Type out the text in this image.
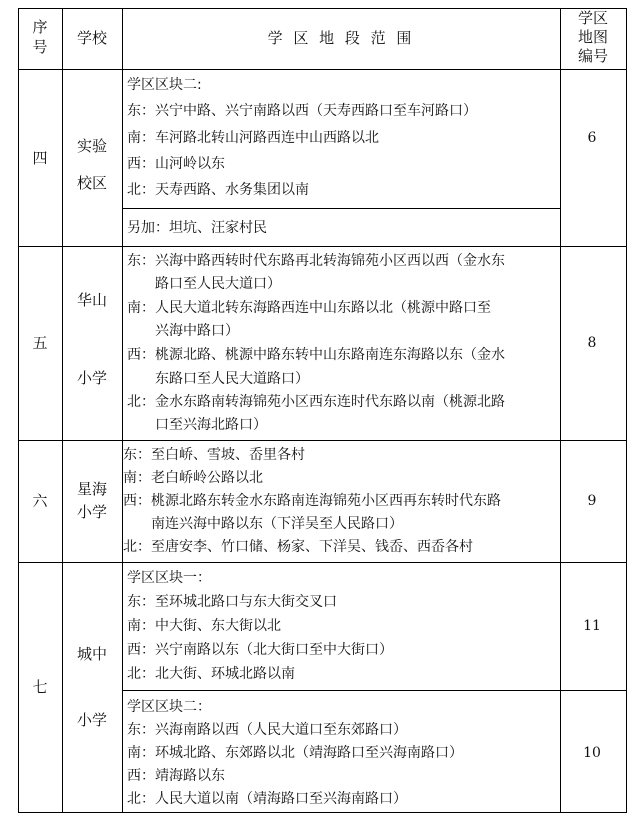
序
号	学校	学 区 地 段 范 围
学区
地图
编号
四
实验
校区
学区区块二:
东：兴宁中路、兴宁南路以西（天寿西路口至车河路口）
南：车河路北转山河路西连中山西路以北
西：山河岭以东
北：天寿西路、水务集团以南
6
另加：坦坑、汪家村民
五
华山
小学
东：兴海中路西转时代东路再北转海锦苑小区西以西（金水东
路口至人民大道口）
南：人民大道北转东海路西连中山东路以北（桃源中路口至
兴海中路口）
西：桃源北路、桃源中路东转中山东路南连东海路以东（金水
东路口至人民大道路口）
北：金水东路南转海锦苑小区西东连时代东路以南（桃源北路
口至兴海北路口）
8
六
星海
小学
东：至白峤、雪坡、岙里各村
南：老白峤岭公路以北
西：桃源北路东转金水东路南连海锦苑小区西再东转时代东路
南连兴海中路以东（下洋吴至人民路口）
北：至唐安李、竹口储、杨家、下洋吴、钱岙、西岙各村
9
七
城中
小学
学区区块一：
东：至环城北路口与东大街交叉口
南：中大街、东大街以北
西：兴宁南路以东（北大街口至中大街口）
北：北大街、环城北路以南
11
学区区块二：
东：兴海南路以西（人民大道口至东郊路口）
南：环城北路、东郊路以北（靖海路口至兴海南路口）
西：靖海路以东
北：人民大道以南（靖海路口至兴海南路口）
10
